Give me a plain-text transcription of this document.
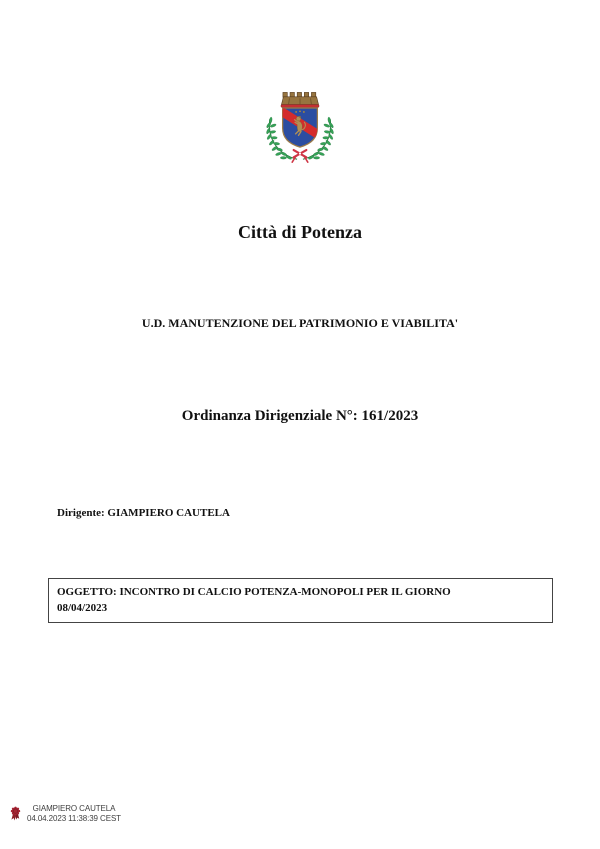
Città di Potenza
U.D. MANUTENZIONE DEL PATRIMONIO E VIABILITA'
Ordinanza Dirigenziale N°: 161/2023
Dirigente: GIAMPIERO CAUTELA
OGGETTO: INCONTRO DI CALCIO POTENZA-MONOPOLI PER IL GIORNO
08/04/2023
GIAMPIERO CAUTELA
04.04.2023 11:38:39 CEST
